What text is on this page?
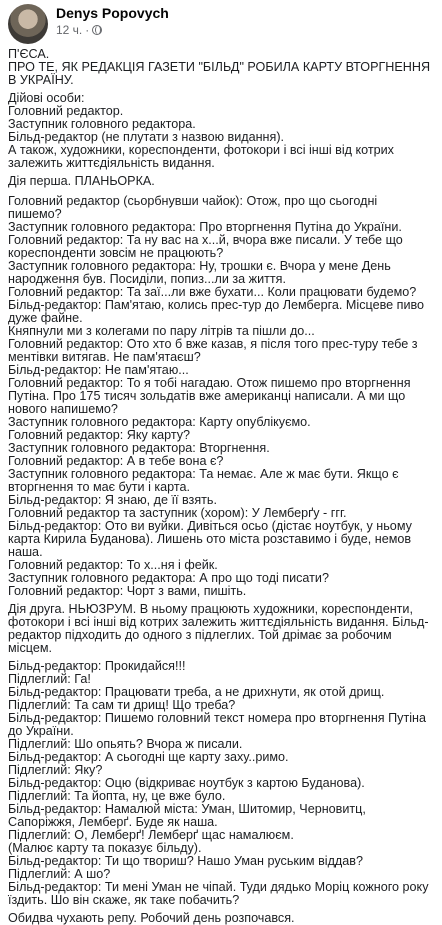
Denys Popovych
12 ч. ·

П'ЄСА.

ПРО ТЕ, ЯК РЕДАКЦІЯ ГАЗЕТИ "БІЛЬД" РОБИЛА КАРТУ ВТОРГНЕННЯ В УКРАЇНУ.

Дійові особи:

Головний редактор.

Заступник головного редактора.

Більд-редактор (не плутати з назвою видання).

А також, художники, кореспонденти, фотокори і всі інші від котрих залежить життєдіяльність видання.

Дія перша. ПЛАНЬОРКА.

Головний редактор (сьорбнувши чайок): Отож, про що сьогодні пишемо?

Заступник головного редактора: Про вторгнення Путіна до України.

Головний редактор: Та ну вас на х...й, вчора вже писали. У тебе що кореспонденти зовсім не працюють?

Заступник головного редактора: Ну, трошки є. Вчора у мене День народження був. Посиділи, попиз...ли за життя.

Головний редактор: Та заї...ли вже бухати... Коли працювати будемо?

Більд-редактор: Пам'ятаю, колись прес-тур до Лемберга. Місцеве пиво дуже файне.

Княпнули ми з колегами по пару літрів та пішли до...

Головний редактор: Ото хто б вже казав, я після того прес-туру тебе з ментівки витягав. Не пам'ятаєш?

Більд-редактор: Не пам'ятаю...

Головний редактор: То я тобі нагадаю. Отож пишемо про вторгнення Путіна. Про 175 тисяч зольдатів вже американці написали. А ми що нового напишемо?

Заступник головного редактора: Карту опублікуємо.

Головний редактор: Яку карту?

Заступник головного редактора: Вторгнення.

Головний редактор: А в тебе вона є?

Заступник головного редактора: Та немає. Але ж має бути. Якщо є вторгнення то має бути і карта.

Більд-редактор: Я знаю, де її взять.

Головний редактор та заступник (хором): У Лемберґу - ггг.

Більд-редактор: Ото ви вуйки. Дивіться осьо (дістає ноутбук, у ньому карта Кирила Буданова). Лишень ото міста розставимо і буде, немов наша.

Головний редактор: То х...ня і фейк.

Заступник головного редактора: А про що тоді писати?

Головний редактор: Чорт з вами, пишіть.

Дія друга. НЬЮЗРУМ. В ньому працюють художники, кореспонденти, фотокори і всі інші від котрих залежить життєдіяльність видання. Більд-редактор підходить до одного з підлеглих. Той дрімає за робочим місцем.

Більд-редактор: Прокидайся!!!

Підлеглий: Га!

Більд-редактор: Працювати треба, а не дрихнути, як отой дрищ.

Підлеглий: Та сам ти дрищ! Що треба?

Більд-редактор: Пишемо головний текст номера про вторгнення Путіна до України.

Підлеглий: Шо опьять? Вчора ж писали.

Більд-редактор: А сьогодні ще карту заху..римо.

Підлеглий: Яку?

Більд-редактор: Оцю (відкриває ноутбук з картою Буданова).

Підлеглий: Та йопта, ну, це вже було.

Більд-редактор: Намалюй міста: Уман, Шитомир, Черновитц, Сапоріжжя, Лемберґ. Буде як наша.

Підлеглий: О, Лемберґ! Лемберґ щас намалюєм.

(Малює карту та показує більду).

Більд-редактор: Ти що твориш? Нашо Уман руським віддав?

Підлеглий: А шо?

Більд-редактор: Ти мені Уман не чіпай. Туди дядько Моріц кожного року їздить. Шо він скаже, як таке побачить?

Обидва чухають репу. Робочий день розпочався.
